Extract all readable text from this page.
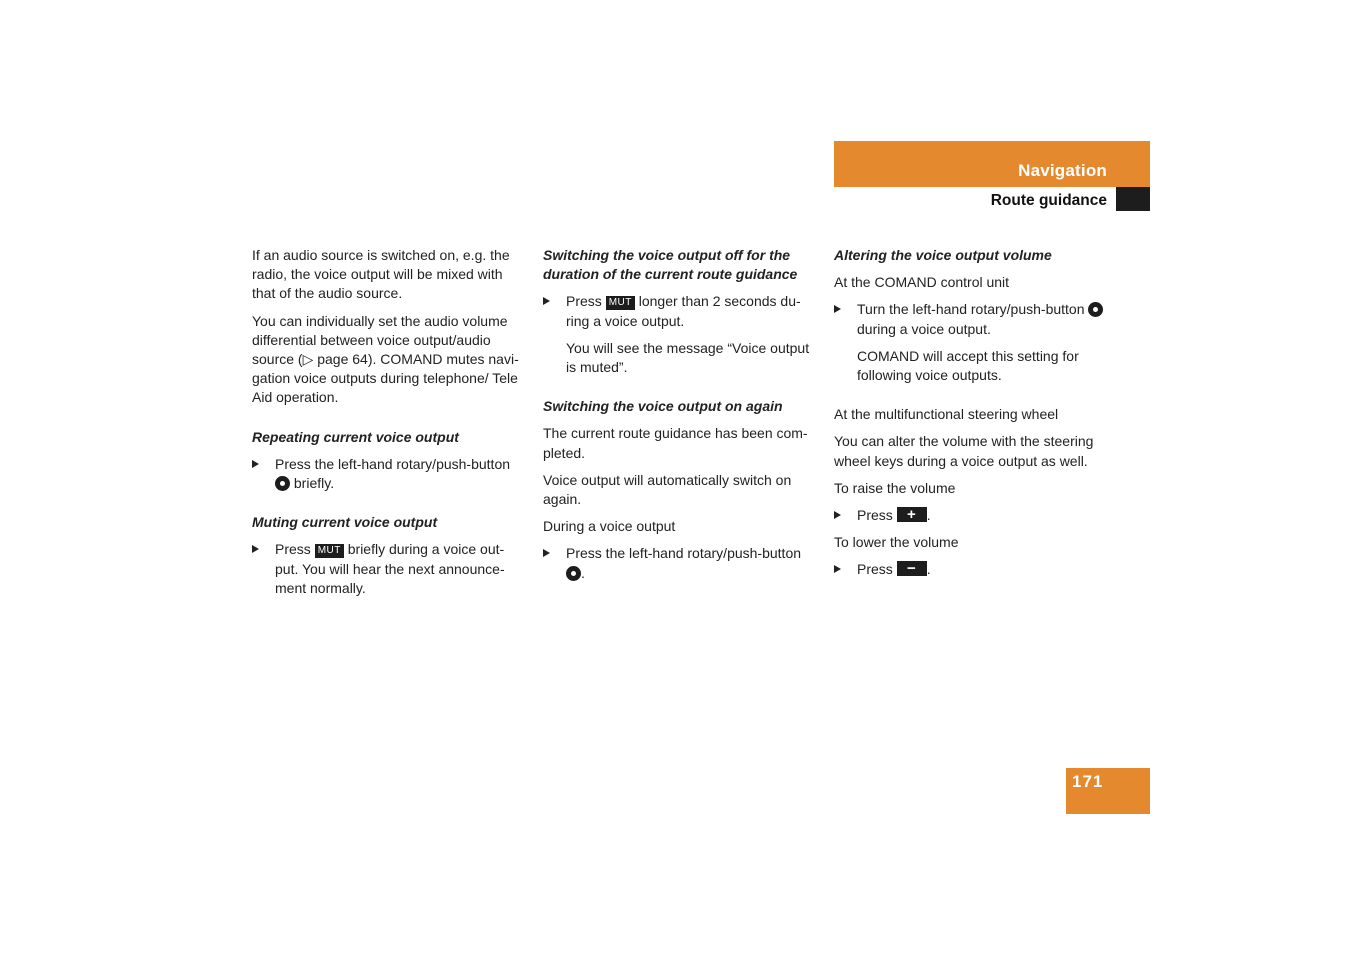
Navigation
Route guidance

If an audio source is switched on, e.g. the radio, the voice output will be mixed with that of the audio source.

You can individually set the audio volume differential between voice output/audio source (▷ page 64). COMAND mutes navi-gation voice outputs during telephone/ Tele Aid operation.

Repeating current voice output
Press the left-hand rotary/push-button  briefly.
Muting current voice output
Press MUT briefly during a voice out-put. You will hear the next announce-ment normally.
Switching the voice output off for the duration of the current route guidance
Press MUT longer than 2 seconds du-ring a voice output.

You will see the message “Voice output is muted”.

Switching the voice output on again

The current route guidance has been com-pleted.

Voice output will automatically switch on again.

During a voice output

Press the left-hand rotary/push-button .
Altering the voice output volume

At the COMAND control unit

Turn the left-hand rotary/push-button  during a voice output.

COMAND will accept this setting for following voice outputs.

At the multifunctional steering wheel

You can alter the volume with the steering wheel keys during a voice output as well.

To raise the volume

Press + .

To lower the volume

Press − .
171
